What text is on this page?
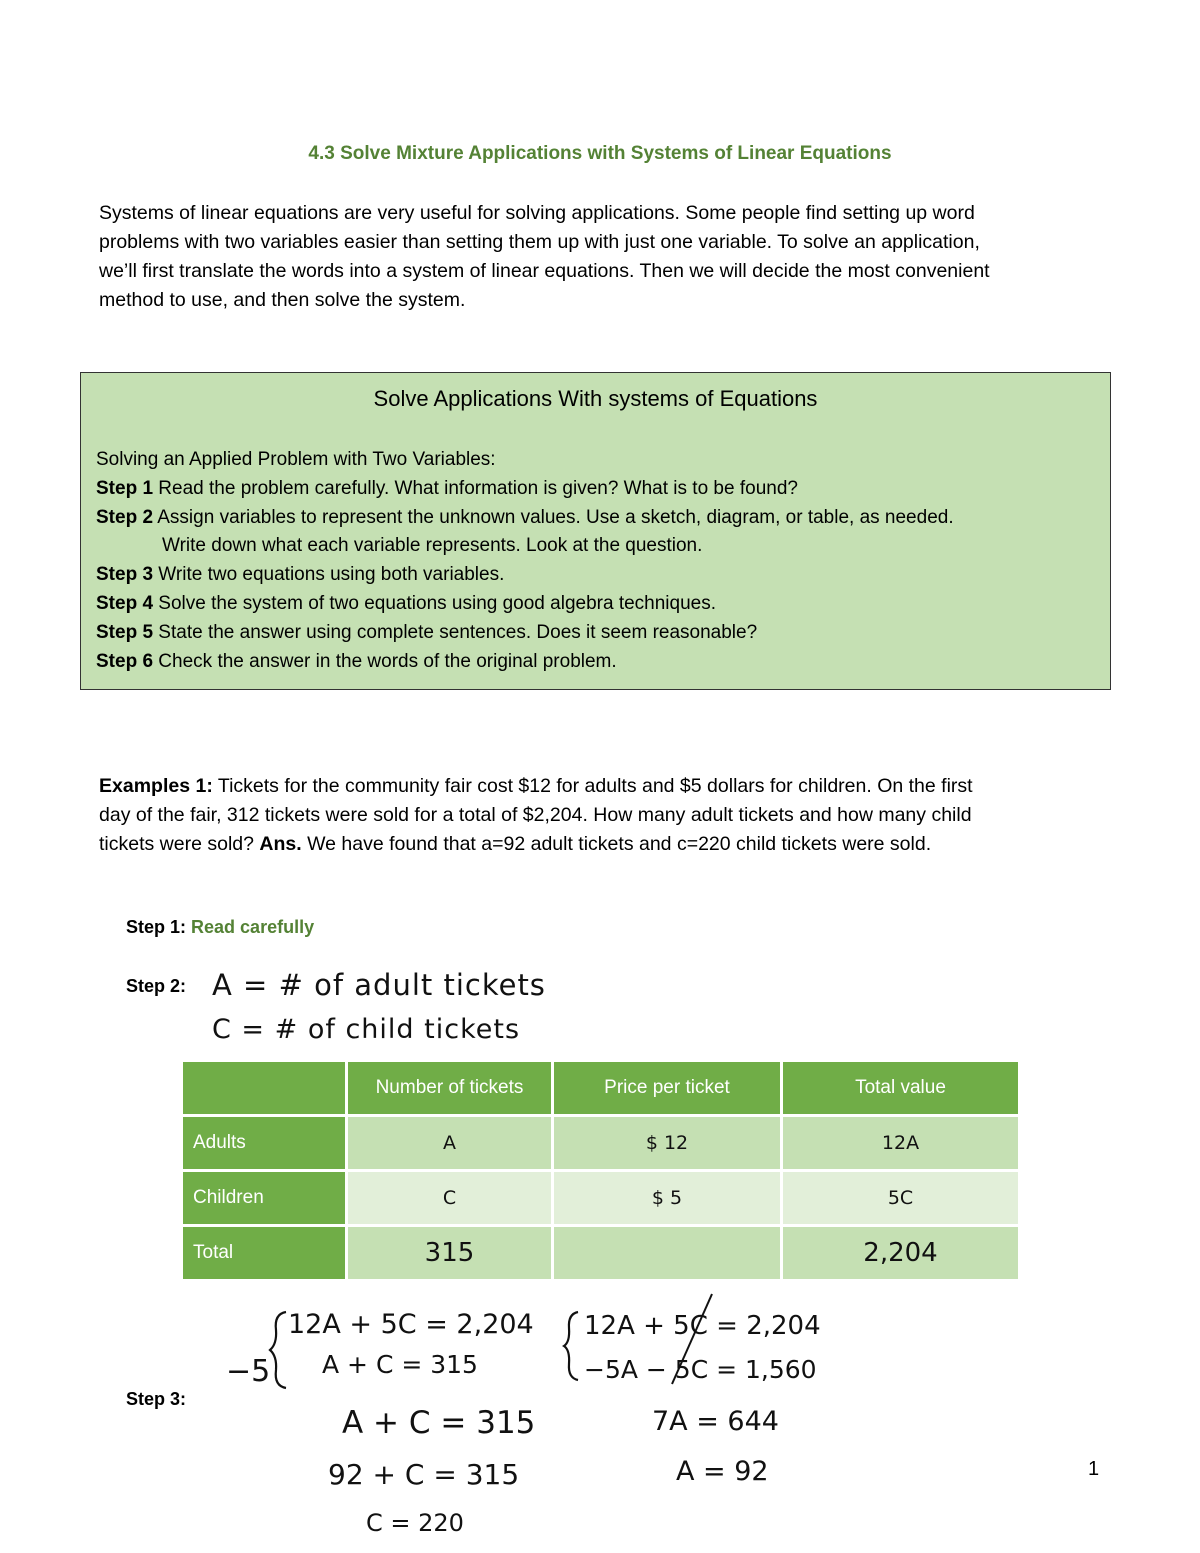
4.3 Solve Mixture Applications with Systems of Linear Equations
Systems of linear equations are very useful for solving applications. Some people find setting up word
problems with two variables easier than setting them up with just one variable. To solve an application,
we’ll first translate the words into a system of linear equations. Then we will decide the most convenient
method to use, and then solve the system.
Solve Applications With systems of Equations
Solving an Applied Problem with Two Variables:
Step 1 Read the problem carefully. What information is given? What is to be found?
Step 2 Assign variables to represent the unknown values. Use a sketch, diagram, or table, as needed.
Write down what each variable represents. Look at the question.
Step 3 Write two equations using both variables.
Step 4 Solve the system of two equations using good algebra techniques.
Step 5 State the answer using complete sentences. Does it seem reasonable?
Step 6 Check the answer in the words of the original problem.
Examples 1: Tickets for the community fair cost $12 for adults and $5 dollars for children. On the first
day of the fair, 312 tickets were sold for a total of $2,204. How many adult tickets and how many child
tickets were sold? Ans. We have found that a=92 adult tickets and c=220 child tickets were sold.
Step 1: Read carefully
Step 2: A = # of adult tickets
C = # of child tickets
	Number of tickets	Price per ticket	Total value
Adults	A	$ 12	12A
Children	C	$ 5	5C
Total	315		2,204
Step 3:
−5
12A + 5C = 2,204
A + C = 315
A + C = 315
92 + C = 315
C = 220
12A + 5C = 2,204
−5A − 5C = 1,560
7A = 644
A = 92	1
